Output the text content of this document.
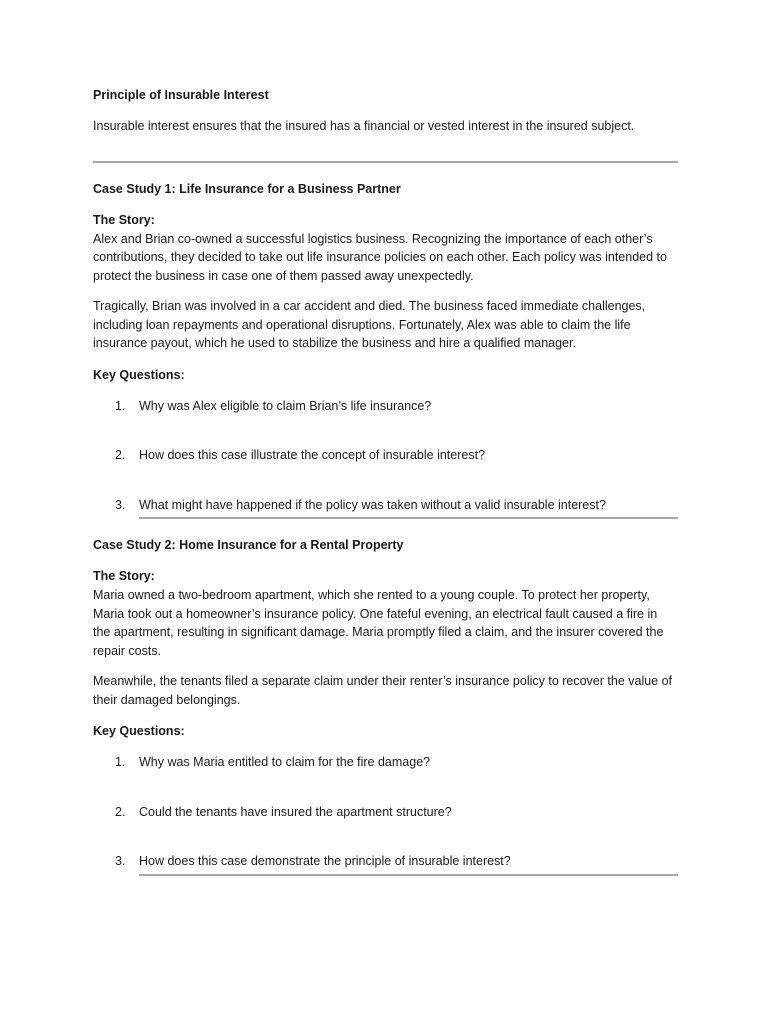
Principle of Insurable Interest

Insurable interest ensures that the insured has a financial or vested interest in the insured subject.

Case Study 1: Life Insurance for a Business Partner

The Story:

Alex and Brian co-owned a successful logistics business. Recognizing the importance of each other’s contributions, they decided to take out life insurance policies on each other. Each policy was intended to protect the business in case one of them passed away unexpectedly.

Tragically, Brian was involved in a car accident and died. The business faced immediate challenges, including loan repayments and operational disruptions. Fortunately, Alex was able to claim the life insurance payout, which he used to stabilize the business and hire a qualified manager.

Key Questions:

1.	Why was Alex eligible to claim Brian’s life insurance?
2.	How does this case illustrate the concept of insurable interest?
3.	What might have happened if the policy was taken without a valid insurable interest?

Case Study 2: Home Insurance for a Rental Property

The Story:

Maria owned a two-bedroom apartment, which she rented to a young couple. To protect her property, Maria took out a homeowner’s insurance policy. One fateful evening, an electrical fault caused a fire in the apartment, resulting in significant damage. Maria promptly filed a claim, and the insurer covered the repair costs.

Meanwhile, the tenants filed a separate claim under their renter’s insurance policy to recover the value of their damaged belongings.

Key Questions:

1.	Why was Maria entitled to claim for the fire damage?
2.	Could the tenants have insured the apartment structure?
3.	How does this case demonstrate the principle of insurable interest?
